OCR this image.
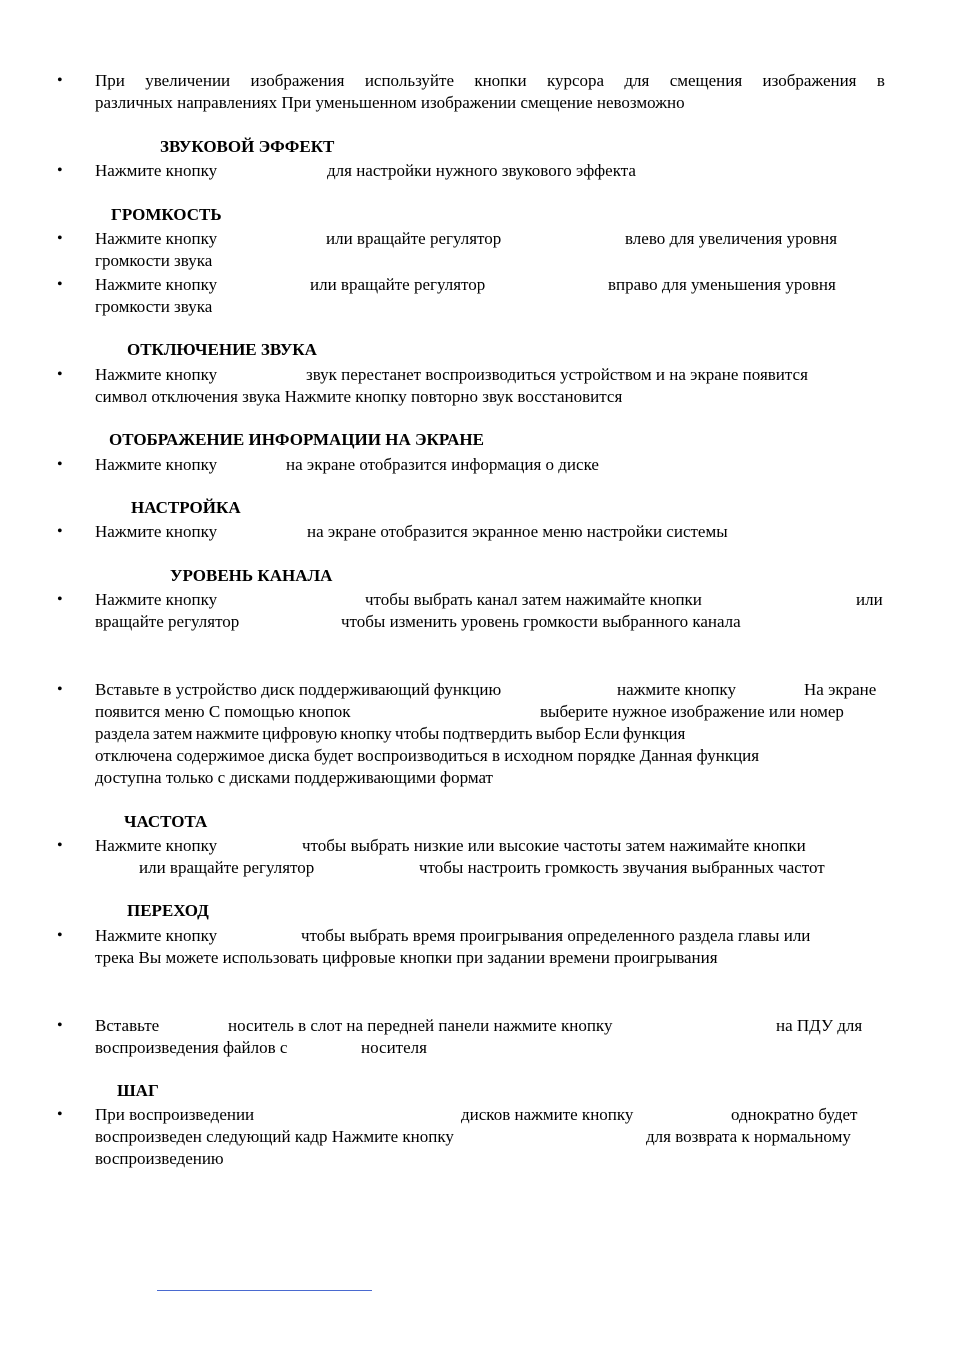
• При увеличении изображения используйте кнопки курсора для смещения изображения в
различных направлениях При уменьшенном изображении смещение невозможно
ЗВУКОВОЙ ЭФФЕКТ
• Нажмите кнопку	для настройки нужного звукового эффекта
ГРОМКОСТЬ
• Нажмите кнопку	или вращайте регулятор	влево для увеличения уровня
громкости звука
• Нажмите кнопку	или вращайте регулятор	вправо для уменьшения уровня
громкости звука
ОТКЛЮЧЕНИЕ ЗВУКА
• Нажмите кнопку	звук перестанет воспроизводиться устройством и на экране появится
символ отключения звука Нажмите кнопку повторно звук восстановится
ОТОБРАЖЕНИЕ ИНФОРМАЦИИ НА ЭКРАНЕ
• Нажмите кнопку	на экране отобразится информация о диске
НАСТРОЙКА
• Нажмите кнопку	на экране отобразится экранное меню настройки системы
УРОВЕНЬ КАНАЛА
• Нажмите кнопку	чтобы выбрать канал затем нажимайте кнопки	или
вращайте регулятор	чтобы изменить уровень громкости выбранного канала
• Вставьте в устройство диск поддерживающий функцию	нажмите кнопку	На экране
появится меню С помощью кнопок	выберите нужное изображение или номер
раздела затем нажмите цифровую кнопку чтобы подтвердить выбор Если функция
отключена содержимое диска будет воспроизводиться в исходном порядке Данная функция
доступна только с дисками поддерживающими формат
ЧАСТОТА
• Нажмите кнопку	чтобы выбрать низкие или высокие частоты затем нажимайте кнопки
или вращайте регулятор	чтобы настроить громкость звучания выбранных частот
ПЕРЕХОД
• Нажмите кнопку	чтобы выбрать время проигрывания определенного раздела главы или
трека Вы можете использовать цифровые кнопки при задании времени проигрывания
• Вставьте	носитель в слот на передней панели нажмите кнопку	на ПДУ для
воспроизведения файлов с	носителя
ШАГ
• При воспроизведении	дисков нажмите кнопку	однократно будет
воспроизведен следующий кадр Нажмите кнопку	для возврата к нормальному
воспроизведению
